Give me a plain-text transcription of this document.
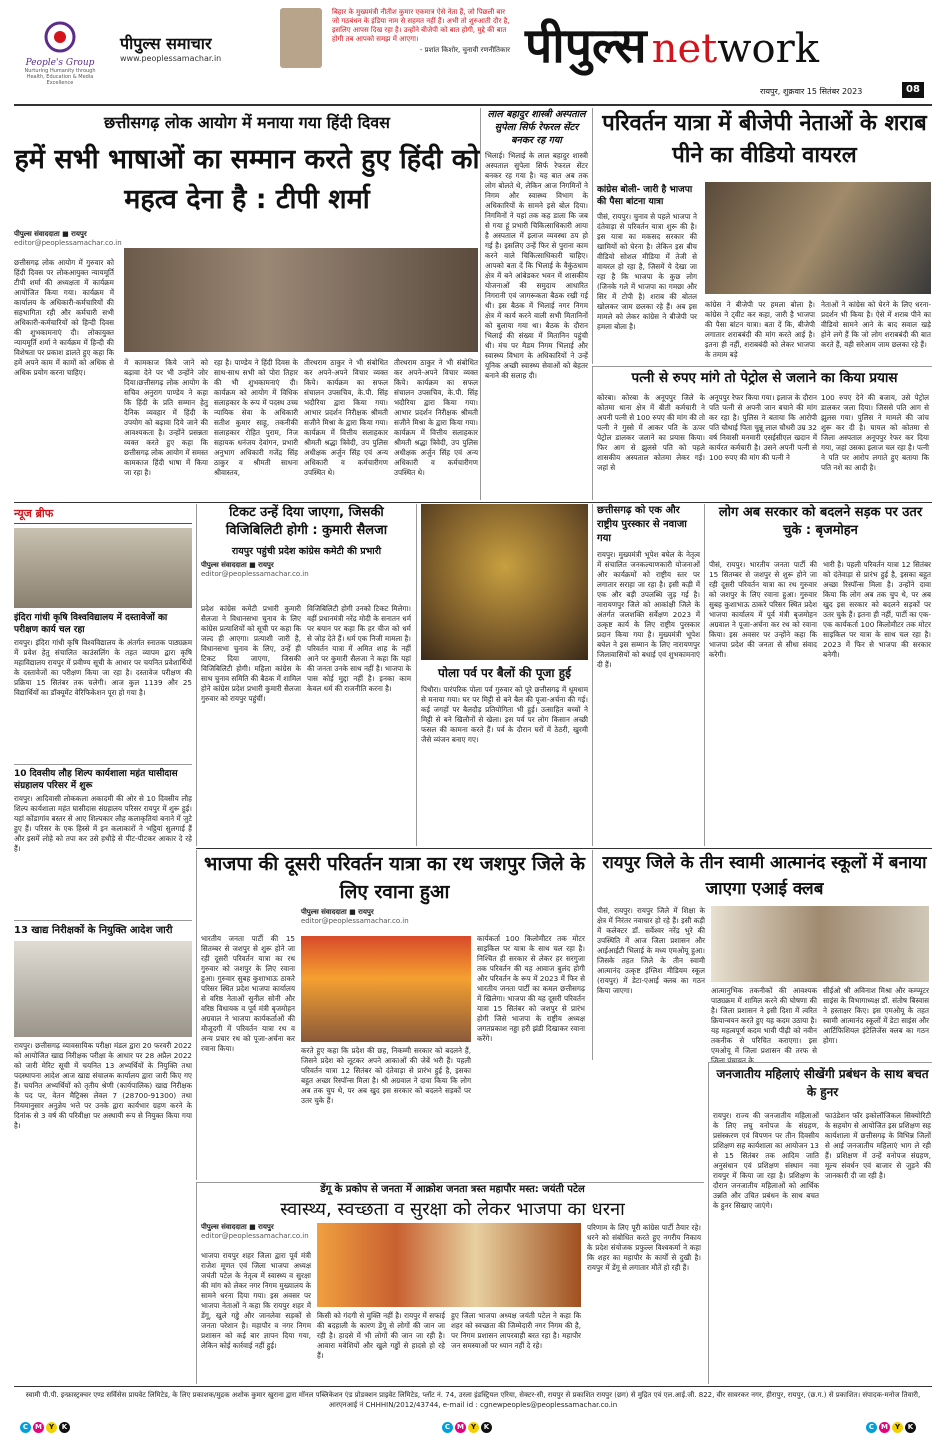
People's Group
Nurturing Humanity through Health, Education & Media Excellence
पीपुल्स समाचार
www.peoplessamachar.in
बिहार के मुख्यमंत्री नीतीश कुमार एकमात्र ऐसे नेता हैं, जो पिछली बार जो गठबंधन के इंडिया नाम से सहमत नहीं हैं। अभी तो शुरुआती दौर है, इसलिए आपस दिख रहा है। उन्होंने बीजेपी को बात होगी, मुद्दे की बात होगी तब आपको समझ में आएगा।
- प्रशांत किशोर, चुनावी रणनीतिकार पीपुल्स network
रायपुर, शुक्रवार 15 सितंबर 2023	08
छत्तीसगढ़ लोक आयोग में मनाया गया हिंदी दिवस
हमें सभी भाषाओं का सम्मान करते हुए हिंदी को महत्व देना है : टीपी शर्मा
पीपुल्स संवाददाता ■ रायपुर
editor@peoplessamachar.co.in
छत्तीसगढ़ लोक आयोग में गुरुवार को हिंदी दिवस पर लोकआयुक्त न्यायमूर्ति टीपी शर्मा की अध्यक्षता में कार्यक्रम आयोजित किया गया। कार्यक्रम में कार्यालय के अधिकारी-कर्मचारियों की सहभागिता रही और कर्मचारी सभी अधिकारी-कर्मचारियों को हिन्दी दिवस की शुभकामनाएं दी। लोकायुक्त न्यायमूर्ति शर्मा ने कार्यक्रम में हिन्दी की विशेषता पर प्रकाश डालते हुए कहा कि हमें अपने काम में कामों को अधिक से अधिक प्रयोग करना चाहिए।
में कामकाज किये जाने को बढ़ावा देने पर भी उन्होंने जोर दिया।छत्तीसगढ़ लोक आयोग के सचिव अनुराग पाण्डेय ने कहा कि हिंदी के प्रति सम्मान हेतु दैनिक व्यवहार में हिंदी के उपयोग को बढ़ावा दिये जाने की आवश्यकता है। उन्होंने प्रसन्नता व्यक्त करते हुए कहा कि छत्तीसगढ़ लोक आयोग में समस्त कामकाज हिंदी भाषा में किया जा रहा है।
रहा है। पाण्डेय ने हिंदी दिवस के साथ-साथ सभी को पोरा तिहार की भी शुभकामनाएं दी। कार्यक्रम को आयोग में विधिक सलाहकार के रूप में पदस्थ उच्च न्यायिक सेवा के अधिकारी सतीश कुमार साहू, तकनीकी सलाहकार रोहित पुराम, निज सहायक धनंजय देवांगन, प्रभारी अनुभाग अधिकारी गजेंद्र सिंह ठाकुर व श्रीमती साधना श्रीवास्तव,
तीरथराम ठाकुर ने भी संबोधित कर अपने-अपने विचार व्यक्त किये। कार्यक्रम का सफल संचालन उपसचिव, के.पी. सिंह भदौरिया द्वारा किया गया। आभार प्रदर्शन निरीक्षक श्रीमती सजीने मिश्रा के द्वारा किया गया। कार्यक्रम में वित्तीय सलाहकार श्रीमती श्रद्धा त्रिवेदी, उप पुलिस अधीक्षक अर्जुन सिंह एवं अन्य अधिकारी व कर्मचारीगण उपस्थित थे।
तीरथराम ठाकुर ने भी संबोधित कर अपने-अपने विचार व्यक्त किये। कार्यक्रम का सफल संचालन उपसचिव, के.पी. सिंह भदौरिया द्वारा किया गया। आभार प्रदर्शन निरीक्षक श्रीमती सजीने मिश्रा के द्वारा किया गया। कार्यक्रम में वित्तीय सलाहकार श्रीमती श्रद्धा त्रिवेदी, उप पुलिस अधीक्षक अर्जुन सिंह एवं अन्य अधिकारी व कर्मचारीगण उपस्थित थे।
लाल बहादुर शास्त्री अस्पताल सुपेला सिर्फ रेफरल सेंटर बनकर रह गया
भिलाई। भिलाई के लाल बहादुर शास्त्री अस्पताल सुपेला सिर्फ रेफरल सेंटर बनकर रह गया है। यह बात अब तक लोग बोलते थे, लेकिन आज निगमिनों ने निगम और स्वास्थ्य विभाग के अधिकारियों के सामने इसे बोल दिया। निगमिनों ने यहां तक कह डाला कि जब से गया हूं प्रभारी चिकित्साधिकारी आया है अस्पताल में इलाज व्यवस्था ठप हो गई है। इसलिए उन्हें फिर से पुराना काम करने वाले चिकित्साधिकारी चाहिए। आपको बता दें कि भिलाई के वैकुंठधाम क्षेत्र में बने आंबेडकर भवन में शासकीय योजनाओं की समुदाय आधारित निगरानी एवं जागरूकता बैठक रखी गई थी। इस बैठक में भिलाई नगर निगम क्षेत्र में कार्य करने वाली सभी मितानिनों को बुलाया गया था। बैठक के दौरान भिलाई की संख्या में मितानिन पहुंची थी। मंच पर मैडम निगम भिलाई और स्वास्थ्य विभाग के अधिकारियों ने उन्हें यूनिक अच्छी स्वास्थ्य सेवाओं को बेहतर बनाने की सलाह दी।
परिवर्तन यात्रा में बीजेपी नेताओं के शराब पीने का वीडियो वायरल
कांग्रेस बोली- जारी है भाजपा की पैसा बांटना यात्रा
पीसं, रायपुर। चुनाव से पहले भाजपा ने दंतेवाड़ा से परिवर्तन यात्रा शुरू की है। इस यात्रा का मकसद सरकार की खामियों को घेरना है। लेकिन इस बीच वीडियो सोशल मीडिया में तेजी से वायरल हो रहा है, जिसमें ये देखा जा रहा है कि भाजपा के कुछ लोग (जिनके गले में भाजपा का गमछा और सिर में टोपी है) शराब की बोतल खोलकर जाम छलका रहे हैं। अब इस मामले को लेकर कांग्रेस ने बीजेपी पर हमला बोला है।
कांग्रेस ने बीजेपी पर हमला बोला है। कांग्रेस ने ट्वीट कर कहा, जारी है भाजपा की पैसा बांटन यात्रा। बता दें कि, बीजेपी लगातार शराबबंदी की मांग करते आई है। इतना ही नहीं, शराबबंदी को लेकर भाजपा के तमाम बड़े
नेताओं ने कांग्रेस को घेरने के लिए धरना-प्रदर्शन भी किया है। ऐसे में शराब पीने का वीडियो सामने आने के बाद सवाल खड़े होने लगे हैं कि जो लोग शराबबंदी की बात करते हैं, वही सरेआम जाम छलका रहे हैं।
पत्नी से रुपए मांगे तो पेट्रोल से जलाने का किया प्रयास
कोरबा। कोरबा के अनूपपुर जिले के कोतमा थाना क्षेत्र में बीती कर्मचारी ने अपनी पत्नी से 100 रुपए की मांग की तो पत्नी ने गुस्से में आकर पति के ऊपर पेट्रोल डालकर जलाने का प्रयास किया। फिर आग से झुलसे पति को पहले शासकीय अस्पताल कोतमा लेकर गई। जहां से
अनूपपुर रेफर किया गया। इलाज के दौरान पति पत्नी से अपनी जान बचाने की मांग कर रहा है। पुलिस ने बताया कि आरोपी पति चौथाई पिता चुन्नू लाल चौधरी उम्र 32 वर्ष निवासी मनमारी एसईसीएल खदान में कार्यरत कर्मचारी है। उसने अपनी पत्नी से 100 रुपए की मांग की पत्नी ने
100 रुपए देने की बजाय, उसे पेट्रोल डालकर जला दिया। जिससे पति आग से झुलस गया। पुलिस ने मामले की जांच शुरू कर दी है। घायल को कोतमा से जिला अस्पताल अनूपपुर रेफर कर दिया गया, जहां उसका इलाज चल रहा है। पत्नी ने पति पर आरोप लगाते हुए बताया कि पति नशे का आदी है।
न्यूज ब्रीफ
इंदिरा गांधी कृषि विश्वविद्यालय में दस्तावेजों का परीक्षण कार्य चल रहा
रायपुर। इंदिरा गांधी कृषि विश्वविद्यालय के अंतर्गत स्नातक पाठ्यक्रम में प्रवेश हेतु संचालित काउंसलिंग के तहत व्यापम द्वारा कृषि महाविद्यालय रायपुर में प्रवीण्य सूची के आधार पर चयनित प्रवेशार्थियों के दस्तावेजों का परीक्षण किया जा रहा है। दस्तावेज परीक्षण की प्रक्रिया 15 सितंबर तक चलेगी। आज कुल 1139 और 25 विद्यार्थियों का डॉक्यूमेंट वेरिफिकेशन पूरा हो गया है।
10 दिवसीय लौह शिल्प कार्यशाला महंत घासीदास संग्रहालय परिसर में शुरू
रायपुर। आदिवासी लोककला अकादमी की ओर से 10 दिवसीय लौह शिल्प कार्यशाला महंत घासीदास संग्रहालय परिसर रायपुर में शुरू हुई। यहां कोंडागांव बस्तर से आए शिल्पकार लौह कलाकृतियां बनाने में जुटे हुए हैं। परिसर के एक हिस्से में इन कलाकारों ने भट्ठियां सुलगाई हैं और इसमें लोहे को तपा कर उसे हथौड़े से पीट-पीटकर आकार दे रहे हैं।
13 खाद्य निरीक्षकों के नियुक्ति आदेश जारी
रायपुर। छत्तीसगढ़ व्यावसायिक परीक्षा मंडल द्वारा 20 फरवरी 2022 को आयोजित खाद्य निरीक्षक परीक्षा के आधार पर 28 अप्रैल 2022 को जारी मेरिट सूची में चयनित 13 अभ्यर्थियों के नियुक्ति तथा पदस्थापना आदेश आज खाद्य संचालक कार्यालय द्वारा जारी किए गए हैं। चयनित अभ्यर्थियों को तृतीय श्रेणी (कार्यपालिक) खाद्य निरीक्षक के पद पर, वेतन मैट्रिक्स लेवल 7 (28700-91300) तथा नियमानुसार अनुज्ञेय भत्ते पर उनके द्वारा कार्यभार ग्रहण करने के दिनांक से 3 वर्ष की परिवीक्षा पर अस्थायी रूप से नियुक्त किया गया है।
टिकट उन्हें दिया जाएगा, जिसकी विजिबिलिटी होगी : कुमारी सैलजा
रायपुर पहुंची प्रदेश कांग्रेस कमेटी की प्रभारी
पीपुल्स संवाददाता ■ रायपुर
editor@peoplessamachar.co.in
प्रदेश कांग्रेस कमेटी प्रभारी कुमारी सैलजा ने विधानसभा चुनाव के लिए कांग्रेस प्रत्याशियों को सूची पर कहा कि जल्द ही आएगा। प्रत्याशी जारी है, विधानसभा चुनाव के लिए, उन्हें ही टिकट दिया जाएगा, जिसकी विजिबिलिटी होगी। महिला कांग्रेस के साथ चुनाव समिति की बैठक में शामिल होने कांग्रेस प्रदेश प्रभारी कुमारी सैलजा गुरुवार को रायपुर पहुंचीं।
विजिबिलिटी होगी उनको टिकट मिलेगा। वहीं प्रधानमंत्री नरेंद्र मोदी के सनातन धर्म पर बयान पर कहा कि हर चीज को धर्म से जोड़ देते हैं। धर्म एक निजी मामला है। परिवर्तन यात्रा में अमित शाह के नहीं आने पर कुमारी सैलजा ने कहा कि यहां की जनता उनके साथ नहीं है। भाजपा के पास कोई मुद्दा नहीं है। इनका काम केवल धर्म की राजनीति करना है।
पोला पर्व पर बैलों की पूजा हुई
पिथौरा। पारंपरिक पोला पर्व गुरुवार को पूरे छत्तीसगढ़ में धूमधाम से मनाया गया। घर पर मिट्टी से बने बैल की पूजा-अर्चना की गई। कई जगहों पर बैलदौड़ प्रतियोगिता भी हुई। उत्साहित बच्चों ने मिट्टी से बने खिलौनों से खेला। इस पर्व पर लोग किसान अच्छी फसल की कामना करते हैं। पर्व के दौरान घरों में ठेठरी, खुरमी जैसे व्यंजन बनाए गए।
छत्तीसगढ़ को एक और राष्ट्रीय पुरस्कार से नवाजा गया
रायपुर। मुख्यमंत्री भूपेश बघेल के नेतृत्व में संचालित जनकल्याणकारी योजनाओं और कार्यक्रमों को राष्ट्रीय स्तर पर लगातार सराहा जा रहा है। इसी कड़ी में एक और बड़ी उपलब्धि जुड़ गई है। नारायणपुर जिले को आकांक्षी जिले के अंतर्गत जलशक्ति सर्वेक्षण 2023 में उत्कृष्ट कार्य के लिए राष्ट्रीय पुरस्कार प्रदान किया गया है। मुख्यमंत्री भूपेश बघेल ने इस सम्मान के लिए नारायणपुर जिलावासियों को बधाई एवं शुभकामनाएं दी हैं।
लोग अब सरकार को बदलने सड़क पर उतर चुके : बृजमोहन
पीसं, रायपुर। भारतीय जनता पार्टी की 15 सितम्बर से जशपुर से शुरू होने जा रही दूसरी परिवर्तन यात्रा का रथ गुरुवार को जशपुर के लिए रवाना हुआ। गुरुवार सुबह कुशाभाऊ ठाकरे परिसर स्थित प्रदेश भाजपा कार्यालय में पूर्व मंत्री बृजमोहन अग्रवाल ने पूजा-अर्चना कर रथ को रवाना किया। इस अवसर पर उन्होंने कहा कि भाजपा प्रदेश की जनता से सीधा संवाद करेगी।
भारी है। पहली परिवर्तन यात्रा 12 सितंबर को दंतेवाड़ा से प्रारंभ हुई है, इसका बहुत अच्छा रिस्पॉन्स मिला है। उन्होंने दावा किया कि लोग अब तक चुप थे, पर अब खुद इस सरकार को बदलने सड़कों पर उतर चुके हैं। इतना ही नहीं, पार्टी का एक-एक कार्यकर्ता 100 किलोमीटर तक मोटर साइकिल पर यात्रा के साथ चल रहा है। 2023 में फिर से भाजपा की सरकार बनेगी।
भाजपा की दूसरी परिवर्तन यात्रा का रथ जशपुर जिले के लिए रवाना हुआ
पीपुल्स संवाददाता ■ रायपुर
editor@peoplessamachar.co.in
भारतीय जनता पार्टी की 15 सितम्बर से जशपुर से शुरू होने जा रही दूसरी परिवर्तन यात्रा का रथ गुरुवार को जशपुर के लिए रवाना हुआ। गुरुवार सुबह कुशाभाऊ ठाकरे परिसर स्थित प्रदेश भाजपा कार्यालय से वरिष्ठ नेताओं सुनील सोनी और वरिष्ठ विधायक व पूर्व मंत्री बृजमोहन अग्रवाल ने भाजपा कार्यकर्ताओं की मौजूदगी में परिवर्तन यात्रा रथ व अन्य प्रचार रथ को पूजा-अर्चना कर रवाना किया।	करते हुए कहा कि प्रदेश की छह, निकम्मी सरकार को बदलने हैं, जिसने प्रदेश को लूटकर अपने आकाओं की जेबें भरी हैं। पहली परिवर्तन यात्रा 12 सितंबर को दंतेवाड़ा से प्रारंभ हुई है, इसका बहुत अच्छा रिस्पॉन्स मिला है। श्री अग्रवाल ने दावा किया कि लोग अब तक चुप थे, पर अब खुद इस सरकार को बदलने सड़कों पर उतर चुके हैं।
कार्यकर्ता 100 किलोमीटर तक मोटर साइकिल पर यात्रा के साथ चल रहा है। निश्चित ही सरकार से लेकर हर सरगुजा तक परिवर्तन की यह आवाज बुलंद होगी और परिवर्तन के रूप में 2023 में फिर से भारतीय जनता पार्टी का कमल छत्तीसगढ़ में खिलेगा। भाजपा की यह दूसरी परिवर्तन यात्रा 15 सितंबर को जशपुर से प्रारंभ होगी जिसे भाजपा के राष्ट्रीय अध्यक्ष जगतप्रकाश नड्डा हरी झंडी दिखाकर रवाना करेंगे।
रायपुर जिले के तीन स्वामी आत्मानंद स्कूलों में बनाया जाएगा एआई क्लब
पीसं, रायपुर। रायपुर जिले में शिक्षा के क्षेत्र में निरंतर नवाचार हो रहे हैं। इसी कड़ी में कलेक्टर डॉ. सर्वेश्वर नरेंद्र भुरे की उपस्थिति में आज जिला प्रशासन और आईआईटी भिलाई के मध्य एमओयू हुआ। जिसके तहत जिले के तीन स्वामी आत्मानंद उत्कृष्ट इंग्लिश मीडियम स्कूल (रायपुर) में डेटा-एआई क्लब का गठन किया जाएगा।	आत्मानुभिक तकनीकों की आवश्यक पाठ्यक्रम में शामिल करने की घोषणा की है। जिला प्रशासन ने इसी दिशा में त्वरित क्रियान्वयन करते हुए यह कदम उठाया है। यह महत्वपूर्ण कदम भावी पीढ़ी को नवीन तकनीक से परिचित कराएगा। इस एमओयू में जिला प्रशासन की तरफ से जिला पंचायत के
सीईओ श्री अविनाश मिश्रा और कम्प्यूटर साइंस के विभागाध्यक्ष डॉ. संतोष बिस्वास ने हस्ताक्षर किए। इस एमओयू के तहत स्वामी आत्मानंद स्कूलों में डेटा साइंस और आर्टिफिशियल इंटेलिजेंस क्लब का गठन होगा।
जनजातीय महिलाएं सीखेंगी प्रबंधन के साथ बचत के हुनर
रायपुर। राज्य की जनजातीय महिलाओं के लिए लघु वनोपज के संग्रहण, प्रसंस्करण एवं विपणन पर तीन दिवसीय प्रशिक्षण सह कार्यशाला का आयोजन 13 से 15 सितंबर तक आदिम जाति अनुसंधान एवं प्रशिक्षण संस्थान नवा रायपुर में किया जा रहा है। प्रशिक्षण के दौरान जनजातीय महिलाओं को आर्थिक उन्नति और उचित प्रबंधन के साथ बचत के हुनर सिखाए जाएंगे।
फाउंडेशन फॉर इकोलॉजिकल सिक्योरिटी के सहयोग से आयोजित इस प्रशिक्षण सह कार्यशाला में छत्तीसगढ़ के विभिन्न जिलों से आई जनजातीय महिलाएं भाग ले रही हैं। प्रशिक्षण में उन्हें वनोपज संग्रहण, मूल्य संवर्धन एवं बाजार से जुड़ने की जानकारी दी जा रही है।
डेंगू के प्रकोप से जनता में आक्रोश जनता त्रस्त महापौर मस्त: जयंती पटेल
स्वास्थ्य, स्वच्छता व सुरक्षा को लेकर भाजपा का धरना
पीपुल्स संवाददाता ■ रायपुर
editor@peoplessamachar.co.in
भाजपा रायपुर शहर जिला द्वारा पूर्व मंत्री राजेश मूणत एवं जिला भाजपा अध्यक्ष जयंती पटेल के नेतृत्व में स्वास्थ्य व सुरक्षा की मांग को लेकर नगर निगम मुख्यालय के सामने धरना दिया गया। इस अवसर पर भाजपा नेताओं ने कहा कि रायपुर शहर में डेंगू, खुले गड्ढे और जानलेवा सड़कों से जनता परेशान है। महापौर व नगर निगम प्रशासन को कई बार ज्ञापन दिया गया, लेकिन कोई कार्रवाई नहीं हुई।
किसी को गंदगी से मुक्ति नहीं है। रायपुर में सफाई की बदहाली के कारण डेंगू से लोगों की जान जा रही है। हादसे में भी लोगों की जान जा रही है। आवारा मवेशियों और खुले गड्ढों से हादसे हो रहे हैं।
हुए जिला भाजपा अध्यक्ष जयंती पटेल ने कहा कि शहर को स्वच्छता की जिम्मेदारी नगर निगम की है, पर निगम प्रशासन लापरवाही बरत रहा है। महापौर जन समस्याओं पर ध्यान नहीं दे रहे।
परिणाम के लिए पूरी कांग्रेस पार्टी तैयार रहे। धरने को संबोधित करते हुए नगरीय निकाय के प्रदेश संयोजक प्रफुल्ल विश्वकर्मा ने कहा कि शहर का महापौर के कार्यों से दुखी है। रायपुर में डेंगू से लगातार मौतें हो रही हैं।
स्वामी पी.पी. इन्फ्रास्ट्रक्चर एण्ड सर्विसेस प्रायवेट लिमिटेड, के लिए प्रकाशक/मुद्रक अशोक कुमार खुराना द्वारा मॉनल पब्लिकेशन एंड प्रोडक्शन प्राइवेट लिमिटेड, प्लॉट नं. 74, उरला इंडस्ट्रियल एरिया, सेक्टर-सी, रायपुर से प्रकाशित रायपुर (छग) से मुद्रित एवं एल.आई.जी. 822, वीर सावरकर नगर, हीरापुर, रायपुर, (छ.ग.) से प्रकाशित। संपादक-मनोज तिवारी, आरएनआई नं CHHHIN/2012/43744, e-mail id : cgnewpeoples@peoplessamachar.co.in
C M Y	K	C M Y	K	C M Y	K
